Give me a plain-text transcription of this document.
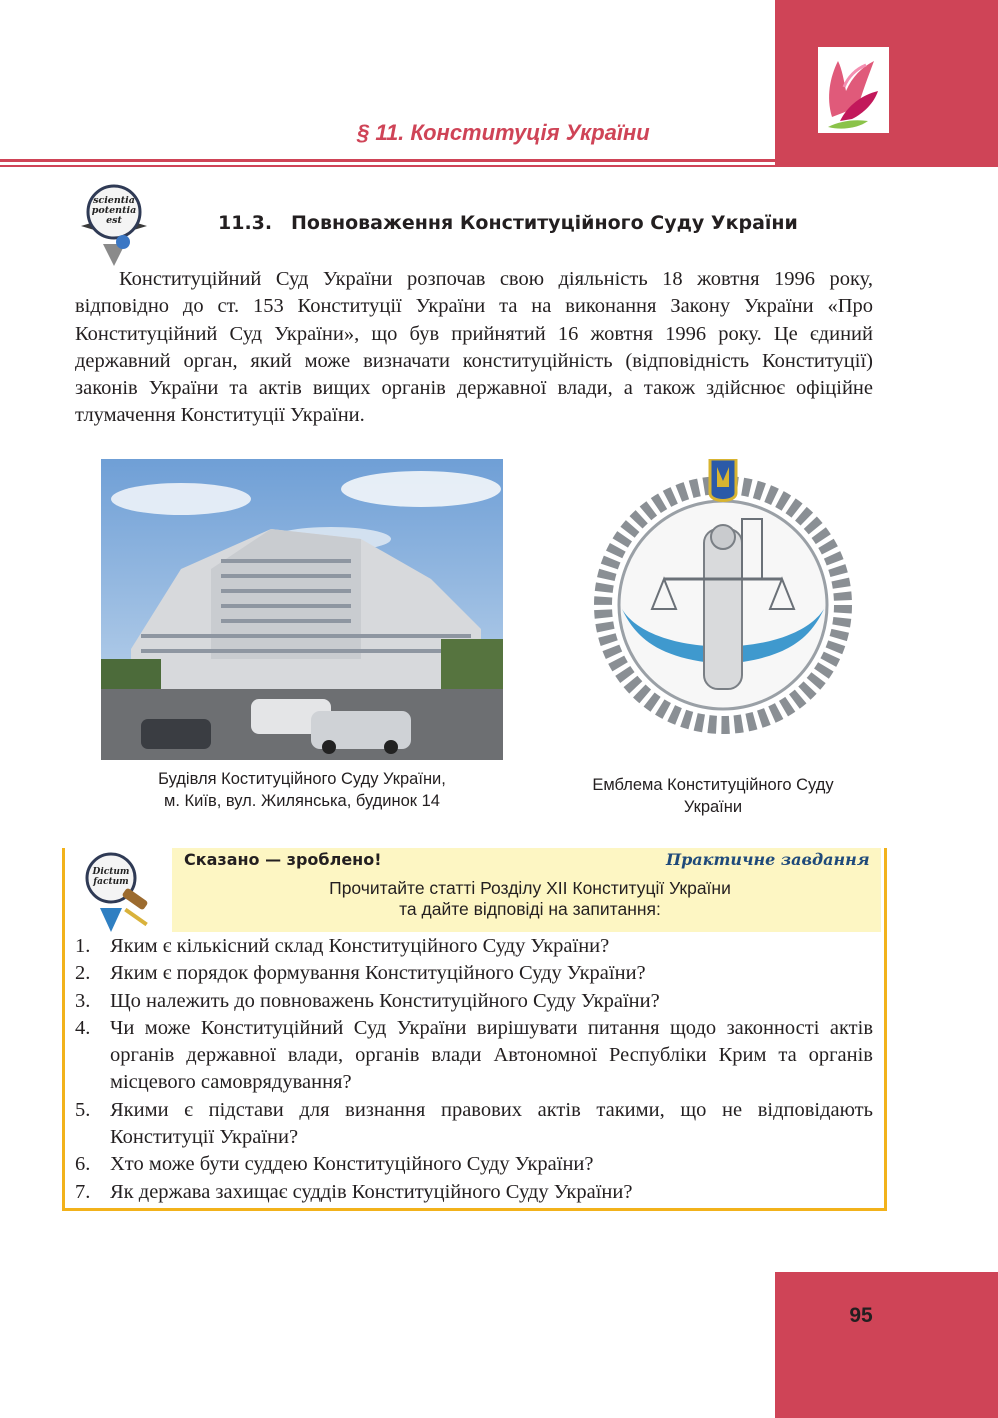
§ 11. Конституція України
scientia
potentia
est	11.3. Повноваження Конституційного Суду України

Конституційний Суд України розпочав свою діяльність 18 жовтня 1996 року, відповідно до ст. 153 Конституції України та на виконання Закону України «Про Конституційний Суд України», що був прийнятий 16 жовтня 1996 року. Це єдиний державний орган, який може визначати конституційність (відповідність Конституції) законів України та актів вищих органів державної влади, а також здійснює офіційне тлумачення Конституції України.

Будівля Коституційного Суду України,
м. Київ, вул. Жилянська, будинок 14
Емблема Конституційного Суду
України
Dictum
factum
Сказано — зроблено!	Практичне завдання
Прочитайте статті Розділу XII Конституції України
та дайте відповіді на запитання:
1. Яким є кількісний склад Конституційного Суду України?
2. Яким є порядок формування Конституційного Суду України?
3. Що належить до повноважень Конституційного Суду України?
4. Чи може Конституційний Суд України вирішувати питання щодо законності актів органів державної влади, органів влади Автономної Республіки Крим та органів місцевого самоврядування?
5. Якими є підстави для визнання правових актів такими, що не відповідають Конституції України?
6. Хто може бути суддею Конституційного Суду України?
7. Як держава захищає суддів Конституційного Суду України?
95
